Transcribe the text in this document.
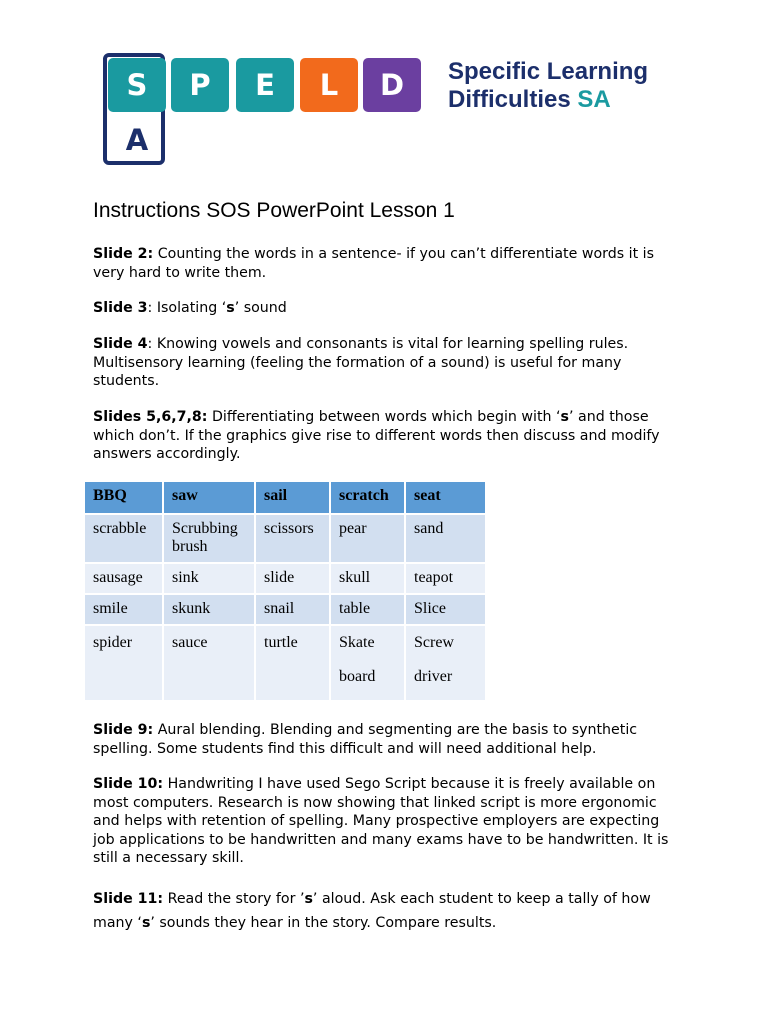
S	P	E	L	D
A
Specific Learning
Difficulties SA
Instructions SOS PowerPoint Lesson 1

Slide 2: Counting the words in a sentence- if you can’t differentiate words it is very hard to write them.

Slide 3: Isolating ‘s’ sound

Slide 4: Knowing vowels and consonants is vital for learning spelling rules. Multisensory learning (feeling the formation of a sound) is useful for many students.

Slides 5,6,7,8: Differentiating between words which begin with ‘s’ and those which don’t. If the graphics give rise to different words then discuss and modify answers accordingly.

BBQ	saw	sail	scratch	seat
scrabble	Scrubbing brush	scissors	pear	sand
sausage	sink	slide	skull	teapot
smile	skunk	snail	table	Slice
spider	sauce	turtle	Skate board	Screw driver

Slide 9: Aural blending. Blending and segmenting are the basis to synthetic spelling. Some students find this difficult and will need additional help.

Slide 10: Handwriting I have used Sego Script because it is freely available on most computers. Research is now showing that linked script is more ergonomic and helps with retention of spelling. Many prospective employers are expecting job applications to be handwritten and many exams have to be handwritten. It is still a necessary skill.

Slide 11: Read the story for ’s’ aloud. Ask each student to keep a tally of how many ‘s’ sounds they hear in the story. Compare results.
